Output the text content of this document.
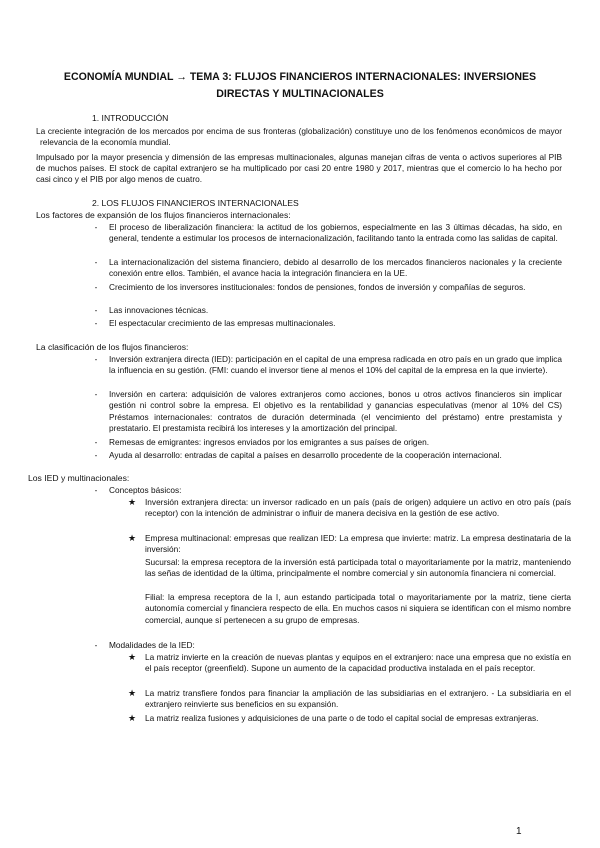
ECONOMÍA MUNDIAL → TEMA 3: FLUJOS FINANCIEROS INTERNACIONALES: INVERSIONES DIRECTAS Y MULTINACIONALES
1. INTRODUCCIÓN
La creciente integración de los mercados por encima de sus fronteras (globalización) constituye uno de los fenómenos económicos de mayor relevancia de la economía mundial.
Impulsado por la mayor presencia y dimensión de las empresas multinacionales, algunas manejan cifras de venta o activos superiores al PIB de muchos países. El stock de capital extranjero se ha multiplicado por casi 20 entre 1980 y 2017, mientras que el comercio lo ha hecho por casi cinco y el PIB por algo menos de cuatro.
2. LOS FLUJOS FINANCIEROS INTERNACIONALES
Los factores de expansión de los flujos financieros internacionales:
-	El proceso de liberalización financiera: la actitud de los gobiernos, especialmente en las 3 últimas décadas, ha sido, en general, tendente a estimular los procesos de internacionalización, facilitando tanto la entrada como las salidas de capital.
-	La internacionalización del sistema financiero, debido al desarrollo de los mercados financieros nacionales y la creciente conexión entre ellos. También, el avance hacia la integración financiera en la UE.
-	Crecimiento de los inversores institucionales: fondos de pensiones, fondos de inversión y compañías de seguros.
-	Las innovaciones técnicas.
-	El espectacular crecimiento de las empresas multinacionales.
La clasificación de los flujos financieros:
-	Inversión extranjera directa (IED): participación en el capital de una empresa radicada en otro país en un grado que implica la influencia en su gestión. (FMI: cuando el inversor tiene al menos el 10% del capital de la empresa en la que invierte).
-	Inversión en cartera: adquisición de valores extranjeros como acciones, bonos u otros activos financieros sin implicar gestión ni control sobre la empresa. El objetivo es la rentabilidad y ganancias especulativas (menor al 10% del CS) Préstamos internacionales: contratos de duración determinada (el vencimiento del préstamo) entre prestamista y prestatario. El prestamista recibirá los intereses y la amortización del principal.
-	Remesas de emigrantes: ingresos enviados por los emigrantes a sus países de origen.
-	Ayuda al desarrollo: entradas de capital a países en desarrollo procedente de la cooperación internacional.
Los IED y multinacionales:
-	Conceptos básicos:
★ Inversión extranjera directa: un inversor radicado en un país (país de origen) adquiere un activo en otro país (país receptor) con la intención de administrar o influir de manera decisiva en la gestión de ese activo.
★ Empresa multinacional: empresas que realizan IED: La empresa que invierte: matriz. La empresa destinataria de la inversión:
Sucursal: la empresa receptora de la inversión está participada total o mayoritariamente por la matriz, manteniendo las señas de identidad de la última, principalmente el nombre comercial y sin autonomía financiera ni comercial.
Filial: la empresa receptora de la I, aun estando participada total o mayoritariamente por la matriz, tiene cierta autonomía comercial y financiera respecto de ella. En muchos casos ni siquiera se identifican con el mismo nombre comercial, aunque sí pertenecen a su grupo de empresas.
-	Modalidades de la IED:
★ La matriz invierte en la creación de nuevas plantas y equipos en el extranjero: nace una empresa que no existía en el país receptor (greenfield). Supone un aumento de la capacidad productiva instalada en el país receptor.
★ La matriz transfiere fondos para financiar la ampliación de las subsidiarias en el extranjero. - La subsidiaria en el extranjero reinvierte sus beneficios en su expansión.
★ La matriz realiza fusiones y adquisiciones de una parte o de todo el capital social de empresas extranjeras.
1
